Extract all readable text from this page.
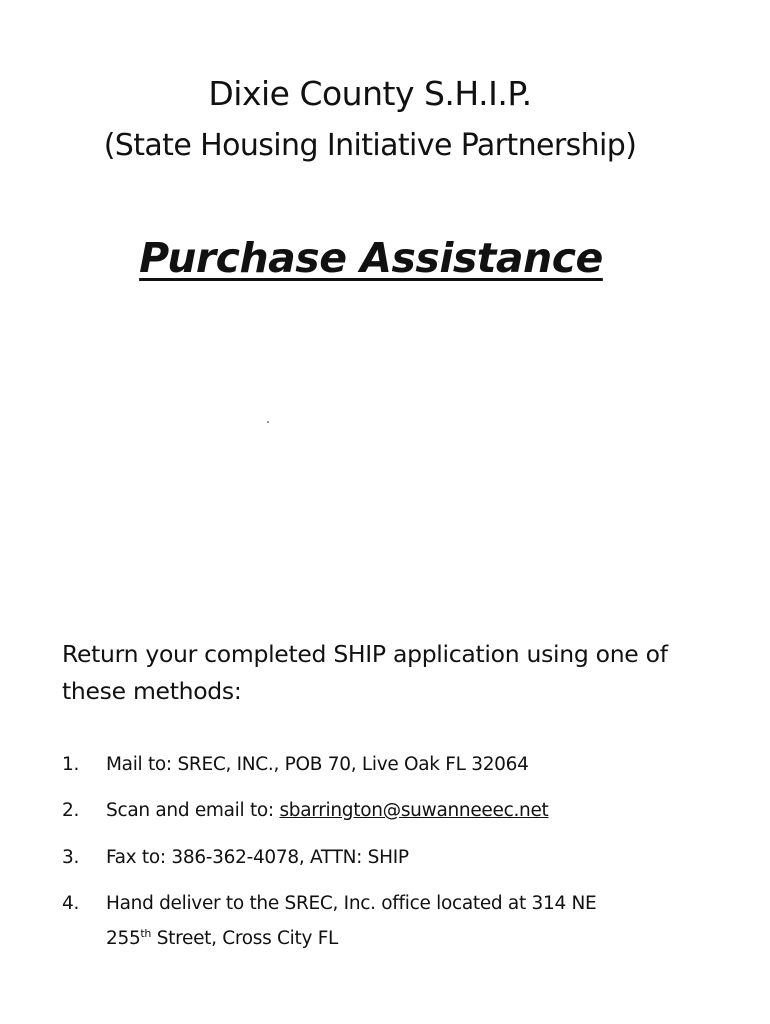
Dixie County S.H.I.P.
(State Housing Initiative Partnership)
Purchase Assistance
Return your completed SHIP application using one of these methods:
1. Mail to: SREC, INC., POB 70, Live Oak FL 32064
2. Scan and email to: sbarrington@suwanneeec.net
3. Fax to: 386-362-4078, ATTN: SHIP
4. Hand deliver to the SREC, Inc. office located at 314 NE
255th Street, Cross City FL
